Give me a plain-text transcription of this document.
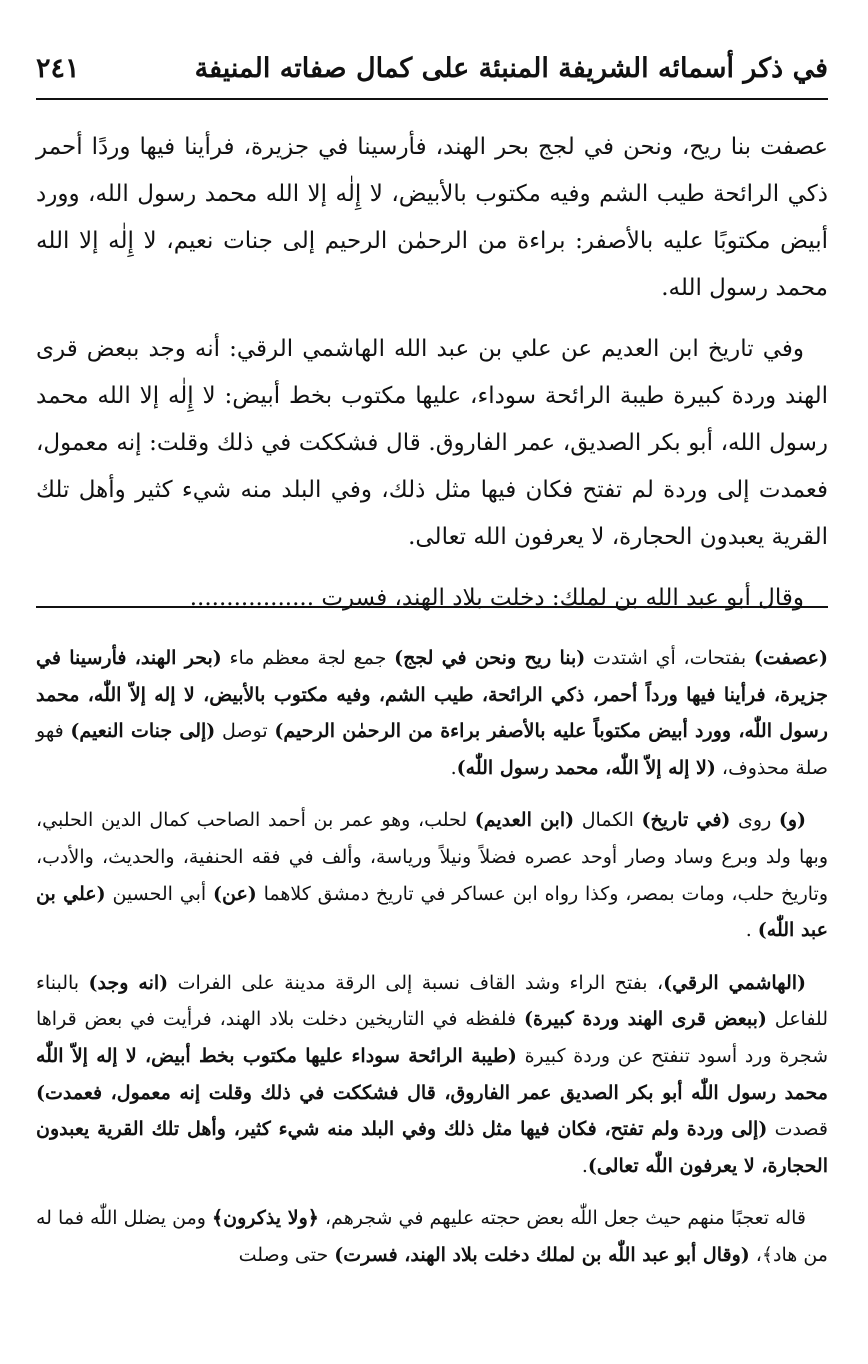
في ذكر أسمائه الشريفة المنبئة على كمال صفاته المنيفة
٢٤١

عصفت بنا ريح، ونحن في لجج بحر الهند، فأرسينا في جزيرة، فرأينا فيها وردًا أحمر ذكي الرائحة طيب الشم وفيه مكتوب بالأبيض، لا إِلٰه إلا الله محمد رسول الله، وورد أبيض مكتوبًا عليه بالأصفر: براءة من الرحمٰن الرحيم إلى جنات نعيم، لا إِلٰه إلا الله محمد رسول الله.

وفي تاريخ ابن العديم عن علي بن عبد الله الهاشمي الرقي: أنه وجد ببعض قرى الهند وردة كبيرة طيبة الرائحة سوداء، عليها مكتوب بخط أبيض: لا إِلٰه إلا الله محمد رسول الله، أبو بكر الصديق، عمر الفاروق. قال فشككت في ذلك وقلت: إنه معمول، فعمدت إلى وردة لم تفتح فكان فيها مثل ذلك، وفي البلد منه شيء كثير وأهل تلك القرية يعبدون الحجارة، لا يعرفون الله تعالى.

وقال أبو عبد الله بن لملك: دخلت بلاد الهند، فسرت .................

(عصفت) بفتحات، أي اشتدت (بنا ريح ونحن في لجج) جمع لجة معظم ماء (بحر الهند، فأرسينا في جزيرة، فرأينا فيها ورداً أحمر، ذكي الرائحة، طيب الشم، وفيه مكتوب بالأبيض، لا إله إلاّ اللّٰه، محمد رسول اللّٰه، وورد أبيض مكتوباً عليه بالأصفر براءة من الرحمٰن الرحيم) توصل (إلى جنات النعيم) فهو صلة محذوف، (لا إله إلاّ اللّٰه، محمد رسول اللّٰه).

(و) روى (في تاريخ) الكمال (ابن العديم) لحلب، وهو عمر بن أحمد الصاحب كمال الدين الحلبي، وبها ولد وبرع وساد وصار أوحد عصره فضلاً ونيلاً ورياسة، وألف في فقه الحنفية، والحديث، والأدب، وتاريخ حلب، ومات بمصر، وكذا رواه ابن عساكر في تاريخ دمشق كلاهما (عن) أبي الحسين (علي بن عبد اللّٰه) .

(الهاشمي الرقي)، بفتح الراء وشد القاف نسبة إلى الرقة مدينة على الفرات (انه وجد) بالبناء للفاعل (ببعض قرى الهند وردة كبيرة) فلفظه في التاريخين دخلت بلاد الهند، فرأيت في بعض قراها شجرة ورد أسود تنفتح عن وردة كبيرة (طيبة الرائحة سوداء عليها مكتوب بخط أبيض، لا إله إلاّ اللّٰه محمد رسول اللّٰه أبو بكر الصديق عمر الفاروق، قال فشككت في ذلك وقلت إنه معمول، فعمدت) قصدت (إلى وردة ولم تفتح، فكان فيها مثل ذلك وفي البلد منه شيء كثير، وأهل تلك القرية يعبدون الحجارة، لا يعرفون اللّٰه تعالى).

قاله تعجبًا منهم حيث جعل اللّٰه بعض حجته عليهم في شجرهم، ﴿ولا يذكرون﴾ ومن يضلل اللّٰه فما له من هاد﴾، (وقال أبو عبد اللّٰه بن لملك دخلت بلاد الهند، فسرت) حتى وصلت
